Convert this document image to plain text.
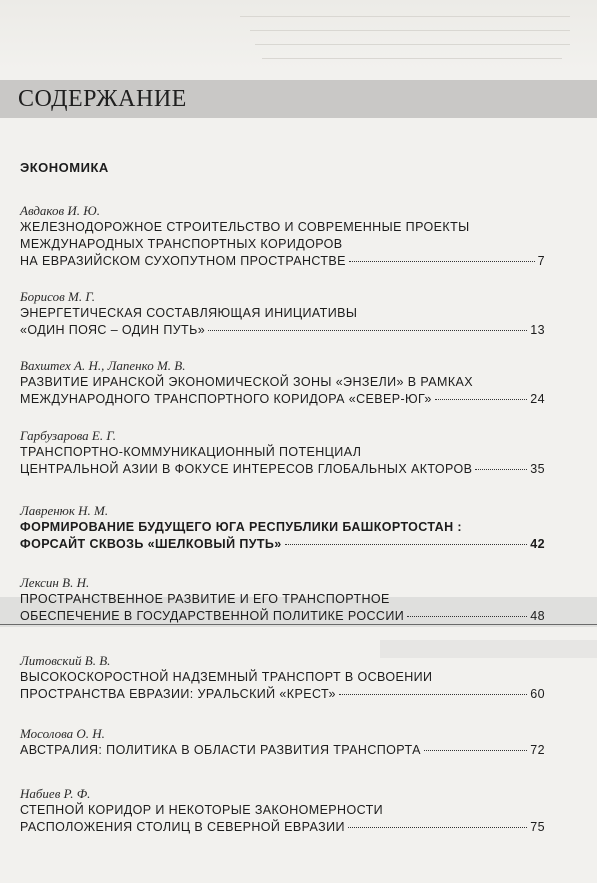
СОДЕРЖАНИЕ
ЭКОНОМИКА
Авдаков И. Ю.
ЖЕЛЕЗНОДОРОЖНОЕ СТРОИТЕЛЬСТВО И СОВРЕМЕННЫЕ ПРОЕКТЫ
МЕЖДУНАРОДНЫХ ТРАНСПОРТНЫХ КОРИДОРОВ
НА ЕВРАЗИЙСКОМ СУХОПУТНОМ ПРОСТРАНСТВЕ	7
Борисов М. Г.
ЭНЕРГЕТИЧЕСКАЯ СОСТАВЛЯЮЩАЯ ИНИЦИАТИВЫ
«ОДИН ПОЯС – ОДИН ПУТЬ»	13
Вахштех А. Н., Лапенко М. В.
РАЗВИТИЕ ИРАНСКОЙ ЭКОНОМИЧЕСКОЙ ЗОНЫ «ЭНЗЕЛИ» В РАМКАХ
МЕЖДУНАРОДНОГО ТРАНСПОРТНОГО КОРИДОРА «СЕВЕР-ЮГ»	24
Гарбузарова Е. Г.
ТРАНСПОРТНО-КОММУНИКАЦИОННЫЙ ПОТЕНЦИАЛ
ЦЕНТРАЛЬНОЙ АЗИИ В ФОКУСЕ ИНТЕРЕСОВ ГЛОБАЛЬНЫХ АКТОРОВ	35
Лавренюк Н. М.
ФОРМИРОВАНИЕ БУДУЩЕГО ЮГА РЕСПУБЛИКИ БАШКОРТОСТАН :
ФОРСАЙТ СКВОЗЬ «ШЕЛКОВЫЙ ПУТЬ»	42
Лексин В. Н.
ПРОСТРАНСТВЕННОЕ РАЗВИТИЕ И ЕГО ТРАНСПОРТНОЕ
ОБЕСПЕЧЕНИЕ В ГОСУДАРСТВЕННОЙ ПОЛИТИКЕ РОССИИ	48
Литовский В. В.
ВЫСОКОСКОРОСТНОЙ НАДЗЕМНЫЙ ТРАНСПОРТ В ОСВОЕНИИ
ПРОСТРАНСТВА ЕВРАЗИИ: УРАЛЬСКИЙ «КРЕСТ»	60
Мосолова О. Н.
АВСТРАЛИЯ: ПОЛИТИКА В ОБЛАСТИ РАЗВИТИЯ ТРАНСПОРТА	72
Набиев Р. Ф.
СТЕПНОЙ КОРИДОР И НЕКОТОРЫЕ ЗАКОНОМЕРНОСТИ
РАСПОЛОЖЕНИЯ СТОЛИЦ В СЕВЕРНОЙ ЕВРАЗИИ	75
